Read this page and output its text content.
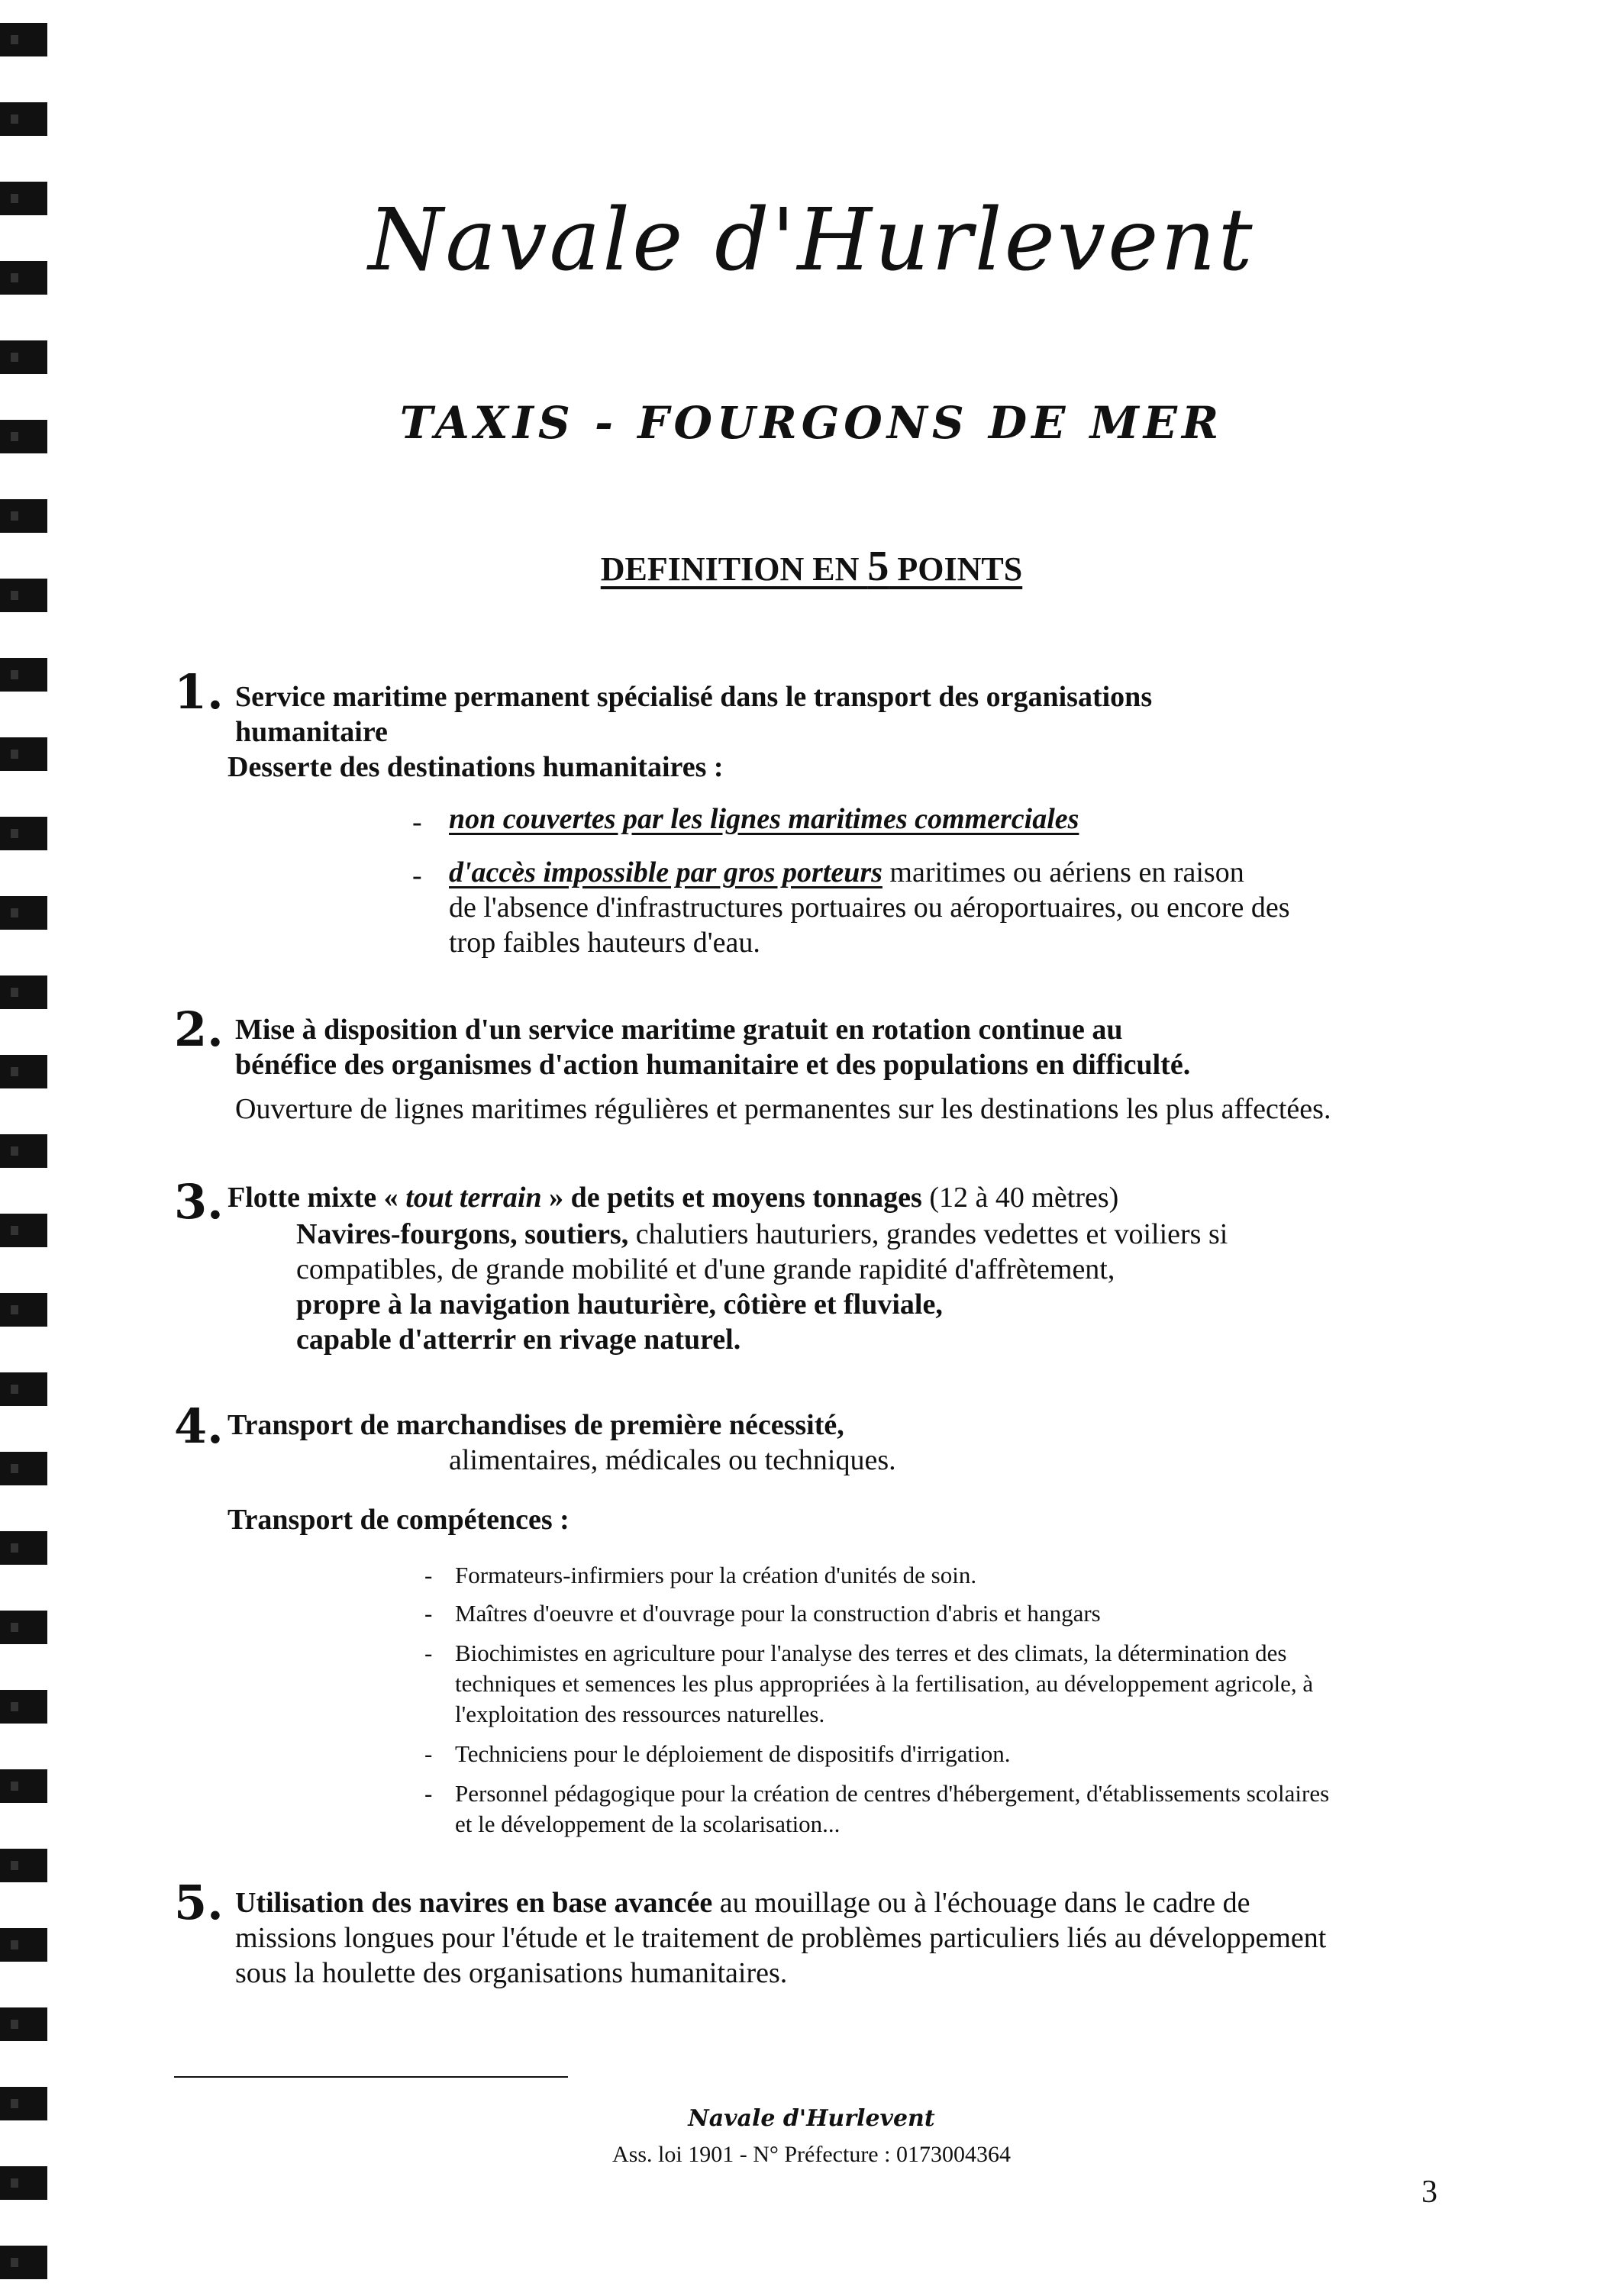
Navale d'Hurlevent
TAXIS - FOURGONS DE MER
DEFINITION EN 5 POINTS
1. Service maritime permanent spécialisé dans le transport des organisations
humanitaire
Desserte des destinations humanitaires :
- non couvertes par les lignes maritimes commerciales
- d'accès impossible par gros porteurs maritimes ou aériens en raison
de l'absence d'infrastructures portuaires ou aéroportuaires, ou encore des
trop faibles hauteurs d'eau.
2. Mise à disposition d'un service maritime gratuit en rotation continue au
bénéfice des organismes d'action humanitaire et des populations en difficulté.
Ouverture de lignes maritimes régulières et permanentes sur les destinations les plus affectées.
3. Flotte mixte « tout terrain » de petits et moyens tonnages (12 à 40 mètres)
Navires-fourgons, soutiers, chalutiers hauturiers, grandes vedettes et voiliers si
compatibles, de grande mobilité et d'une grande rapidité d'affrètement,
propre à la navigation hauturière, côtière et fluviale,
capable d'atterrir en rivage naturel.
4. Transport de marchandises de première nécessité,
alimentaires, médicales ou techniques.
Transport de compétences :
- Formateurs-infirmiers pour la création d'unités de soin.
- Maîtres d'oeuvre et d'ouvrage pour la construction d'abris et hangars
- Biochimistes en agriculture pour l'analyse des terres et des climats, la détermination des
techniques et semences les plus appropriées à la fertilisation, au développement agricole, à
l'exploitation des ressources naturelles.
- Techniciens pour le déploiement de dispositifs d'irrigation.
- Personnel pédagogique pour la création de centres d'hébergement, d'établissements scolaires
et le développement de la scolarisation...
5. Utilisation des navires en base avancée au mouillage ou à l'échouage dans le cadre de
missions longues pour l'étude et le traitement de problèmes particuliers liés au développement
sous la houlette des organisations humanitaires.
Navale d'Hurlevent
Ass. loi 1901 - N° Préfecture : 0173004364
3
